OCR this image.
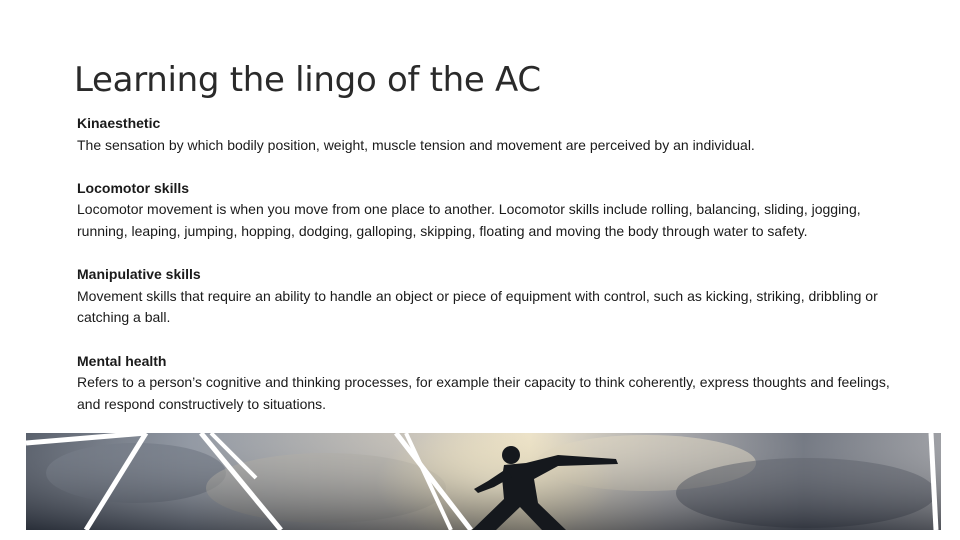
Learning the lingo of the AC
Kinaesthetic
The sensation by which bodily position, weight, muscle tension and movement are perceived by an individual.
Locomotor skills
Locomotor movement is when you move from one place to another. Locomotor skills include rolling, balancing, sliding, jogging, running, leaping, jumping, hopping, dodging, galloping, skipping, floating and moving the body through water to safety.
Manipulative skills
Movement skills that require an ability to handle an object or piece of equipment with control, such as kicking, striking, dribbling or catching a ball.
Mental health
Refers to a person’s cognitive and thinking processes, for example their capacity to think coherently, express thoughts and feelings, and respond constructively to situations.
